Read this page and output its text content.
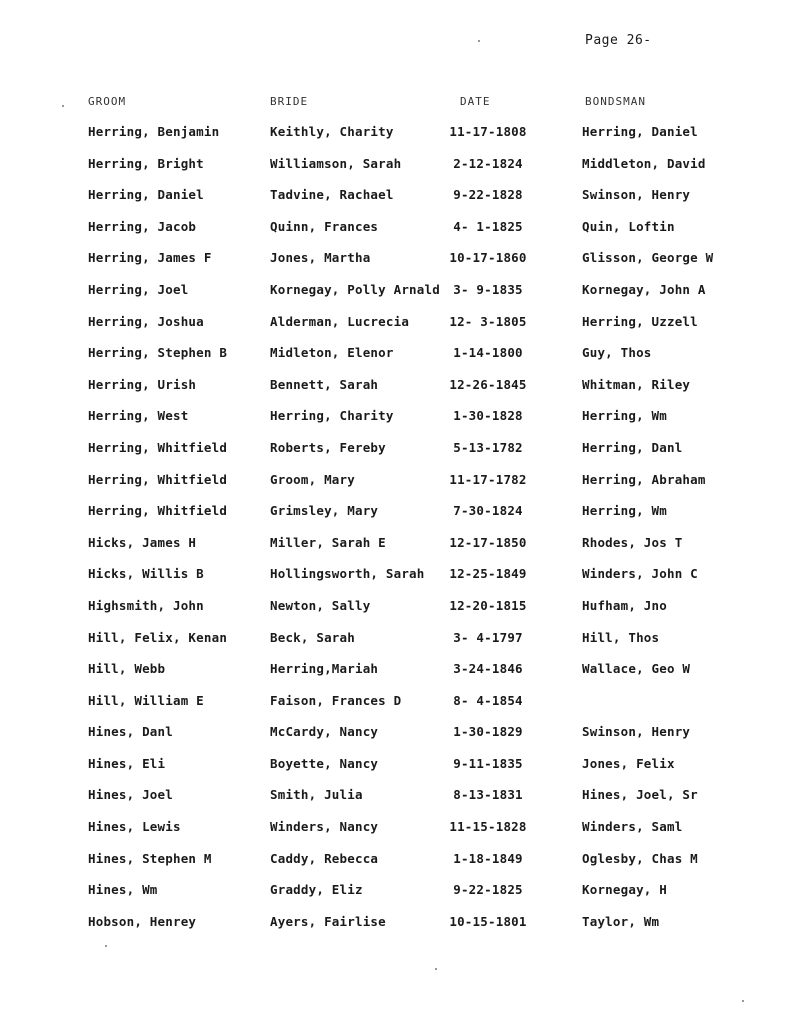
Page 26-
GROOM	BRIDE	DATE	BONDSMAN
Herring, Benjamin	Keithly, Charity	11-17-1808	Herring, Daniel
Herring, Bright	Williamson, Sarah	2-12-1824	Middleton, David
Herring, Daniel	Tadvine, Rachael	9-22-1828	Swinson, Henry
Herring, Jacob	Quinn, Frances	4- 1-1825	Quin, Loftin
Herring, James F	Jones, Martha	10-17-1860	Glisson, George W
Herring, Joel	Kornegay, Polly Arnald	3- 9-1835	Kornegay, John A
Herring, Joshua	Alderman, Lucrecia	12- 3-1805	Herring, Uzzell
Herring, Stephen B	Midleton, Elenor	1-14-1800	Guy, Thos
Herring, Urish	Bennett, Sarah	12-26-1845	Whitman, Riley
Herring, West	Herring, Charity	1-30-1828	Herring, Wm
Herring, Whitfield	Roberts, Fereby	5-13-1782	Herring, Danl
Herring, Whitfield	Groom, Mary	11-17-1782	Herring, Abraham
Herring, Whitfield	Grimsley, Mary	7-30-1824	Herring, Wm
Hicks, James H	Miller, Sarah E	12-17-1850	Rhodes, Jos T
Hicks, Willis B	Hollingsworth, Sarah	12-25-1849	Winders, John C
Highsmith, John	Newton, Sally	12-20-1815	Hufham, Jno
Hill, Felix, Kenan	Beck, Sarah	3- 4-1797	Hill, Thos
Hill, Webb	Herring,Mariah	3-24-1846	Wallace, Geo W
Hill, William E	Faison, Frances D	8- 4-1854
Hines, Danl	McCardy, Nancy	1-30-1829	Swinson, Henry
Hines, Eli	Boyette, Nancy	9-11-1835	Jones, Felix
Hines, Joel	Smith, Julia	8-13-1831	Hines, Joel, Sr
Hines, Lewis	Winders, Nancy	11-15-1828	Winders, Saml
Hines, Stephen M	Caddy, Rebecca	1-18-1849	Oglesby, Chas M
Hines, Wm	Graddy, Eliz	9-22-1825	Kornegay, H
Hobson, Henrey	Ayers, Fairlise	10-15-1801	Taylor, Wm
